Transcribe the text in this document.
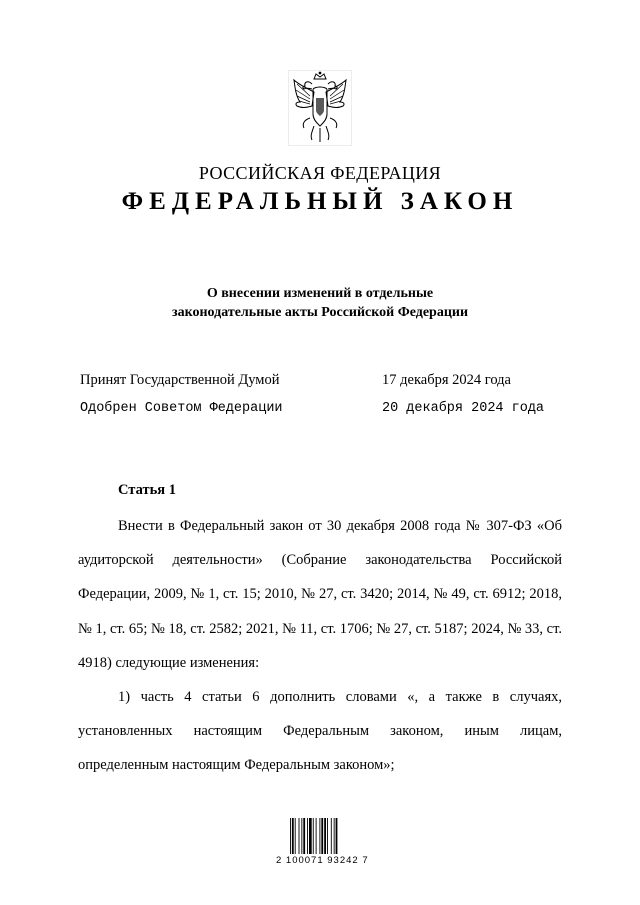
РОССИЙСКАЯ ФЕДЕРАЦИЯ
ФЕДЕРАЛЬНЫЙ ЗАКОН
О внесении изменений в отдельные
законодательные акты Российской Федерации
Принят Государственной Думой	17 декабря 2024 года
Одобрен Советом Федерации	20 декабря 2024 года
Статья 1

Внести в Федеральный закон от 30 декабря 2008 года № 307-ФЗ «Об аудиторской деятельности» (Собрание законодательства Российской Федерации, 2009, № 1, ст. 15; 2010, № 27, ст. 3420; 2014, № 49, ст. 6912; 2018, № 1, ст. 65; № 18, ст. 2582; 2021, № 11, ст. 1706; № 27, ст. 5187; 2024, № 33, ст. 4918) следующие изменения:

1) часть 4 статьи 6 дополнить словами «, а также в случаях, установленных настоящим Федеральным законом, иным лицам, определенным настоящим Федеральным законом»;

2 100071 93242 7
